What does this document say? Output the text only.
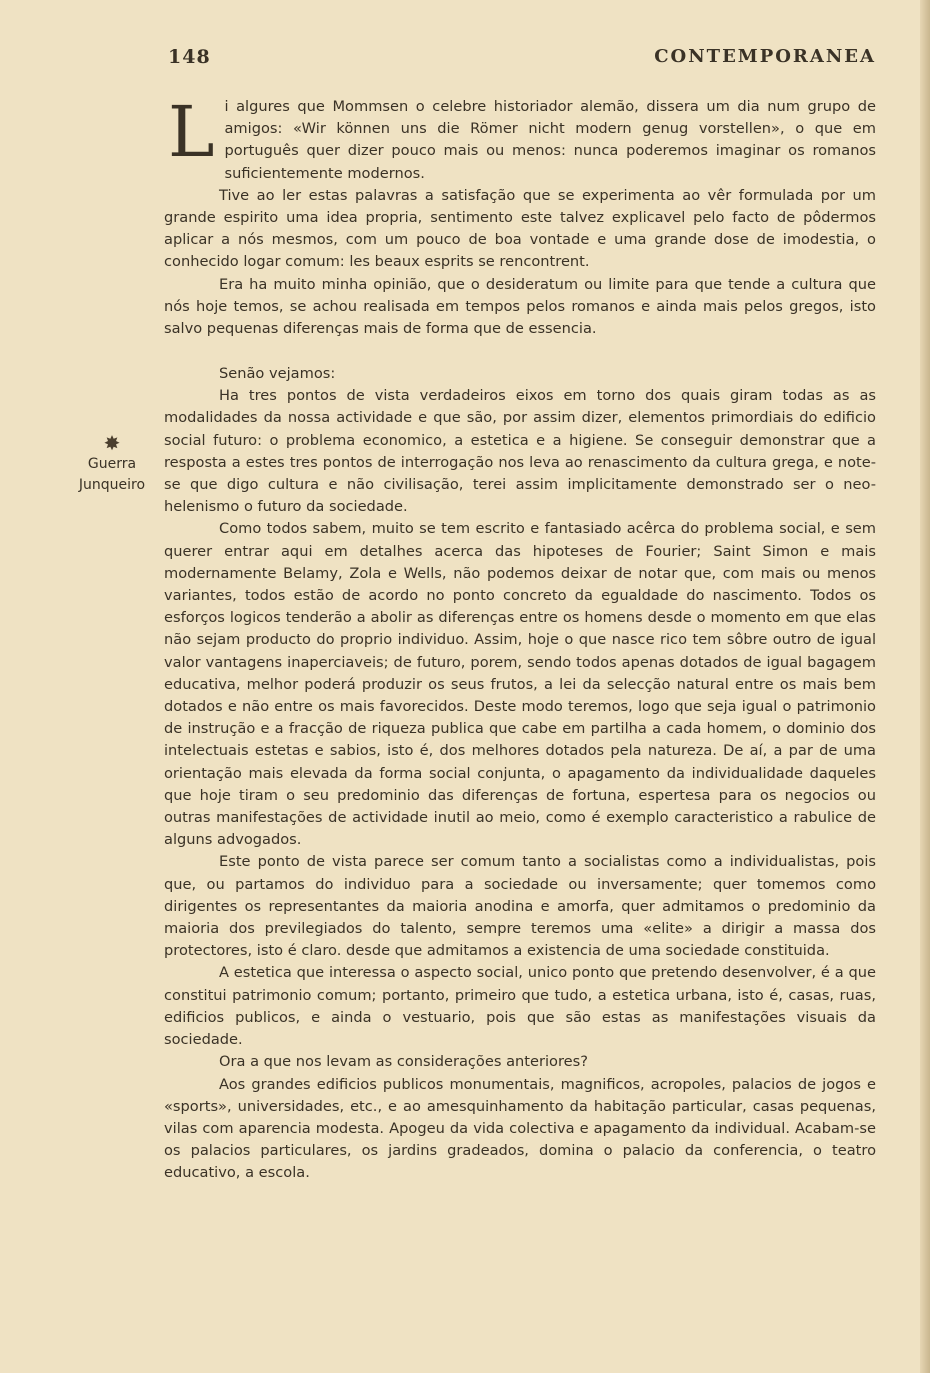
148	CONTEMPORANEA
✸
Guerra
Junqueiro

Li algures que Mommsen o celebre historiador alemão, dissera um dia num grupo de amigos: «Wir können uns die Römer nicht modern genug vorstellen», o que em português quer dizer pouco mais ou menos: nunca poderemos imaginar os romanos suficientemente modernos.

Tive ao ler estas palavras a satisfação que se experimenta ao vêr formulada por um grande espirito uma idea propria, sentimento este talvez explicavel pelo facto de pôdermos aplicar a nós mesmos, com um pouco de boa vontade e uma grande dose de imodestia, o conhecido logar comum: les beaux esprits se rencontrent.

Era ha muito minha opinião, que o desideratum ou limite para que tende a cultura que nós hoje temos, se achou realisada em tempos pelos romanos e ainda mais pelos gregos, isto salvo pequenas diferenças mais de forma que de essencia.

Senão vejamos:

Ha tres pontos de vista verdadeiros eixos em torno dos quais giram todas as as modalidades da nossa actividade e que são, por assim dizer, elementos primordiais do edificio social futuro: o problema economico, a estetica e a higiene. Se conseguir demonstrar que a resposta a estes tres pontos de interrogação nos leva ao renascimento da cultura grega, e note-se que digo cultura e não civilisação, terei assim implicitamente demonstrado ser o neo-helenismo o futuro da sociedade.

Como todos sabem, muito se tem escrito e fantasiado acêrca do problema social, e sem querer entrar aqui em detalhes acerca das hipoteses de Fourier; Saint Simon e mais modernamente Belamy, Zola e Wells, não podemos deixar de notar que, com mais ou menos variantes, todos estão de acordo no ponto concreto da egualdade do nascimento. Todos os esforços logicos tenderão a abolir as diferenças entre os homens desde o momento em que elas não sejam producto do proprio individuo. Assim, hoje o que nasce rico tem sôbre outro de igual valor vantagens inaperciaveis; de futuro, porem, sendo todos apenas dotados de igual bagagem educativa, melhor poderá produzir os seus frutos, a lei da selecção natural entre os mais bem dotados e não entre os mais favorecidos. Deste modo teremos, logo que seja igual o patrimonio de instrução e a fracção de riqueza publica que cabe em partilha a cada homem, o dominio dos intelectuais estetas e sabios, isto é, dos melhores dotados pela natureza. De aí, a par de uma orientação mais elevada da forma social conjunta, o apagamento da individualidade daqueles que hoje tiram o seu predominio das diferenças de fortuna, espertesa para os negocios ou outras manifestações de actividade inutil ao meio, como é exemplo caracteristico a rabulice de alguns advogados.

Este ponto de vista parece ser comum tanto a socialistas como a individualistas, pois que, ou partamos do individuo para a sociedade ou inversamente; quer tomemos como dirigentes os representantes da maioria anodina e amorfa, quer admitamos o predominio da maioria dos previlegiados do talento, sempre teremos uma «elite» a dirigir a massa dos protectores, isto é claro. desde que admitamos a existencia de uma sociedade constituida.

A estetica que interessa o aspecto social, unico ponto que pretendo desenvolver, é a que constitui patrimonio comum; portanto, primeiro que tudo, a estetica urbana, isto é, casas, ruas, edificios publicos, e ainda o vestuario, pois que são estas as manifestações visuais da sociedade.

Ora a que nos levam as considerações anteriores?

Aos grandes edificios publicos monumentais, magnificos, acropoles, palacios de jogos e «sports», universidades, etc., e ao amesquinhamento da habitação particular, casas pequenas, vilas com aparencia modesta. Apogeu da vida colectiva e apagamento da individual. Acabam-se os palacios particulares, os jardins gradeados, domina o palacio da conferencia, o teatro educativo, a escola.
